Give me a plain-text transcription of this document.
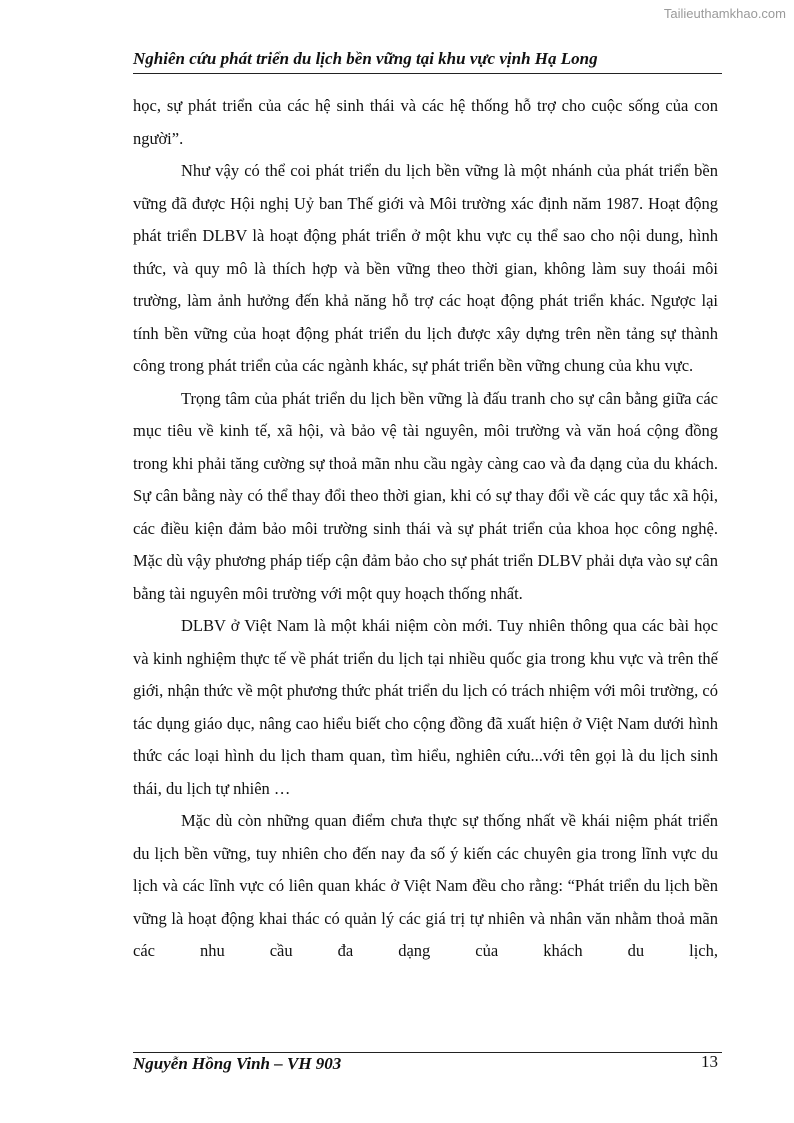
Tailieuthamkhao.com
Nghiên cứu phát triển du lịch bền vững tại khu vực vịnh Hạ Long

học, sự phát triển của các hệ sinh thái và các hệ thống hỗ trợ cho cuộc sống của con người”.

Như vậy có thể coi phát triển du lịch bền vững là một nhánh của phát triển bền vững đã được Hội nghị Uỷ ban Thế giới và Môi trường xác định năm 1987. Hoạt động phát triển DLBV là hoạt động phát triển ở một khu vực cụ thể sao cho nội dung, hình thức, và quy mô là thích hợp và bền vững theo thời gian, không làm suy thoái môi trường, làm ảnh hưởng đến khả năng hỗ trợ các hoạt động phát triển khác. Ngược lại tính bền vững của hoạt động phát triển du lịch được xây dựng trên nền tảng sự thành công trong phát triển của các ngành khác, sự phát triển bền vững chung của khu vực.

Trọng tâm của phát triển du lịch bền vững là đấu tranh cho sự cân bằng giữa các mục tiêu về kinh tế, xã hội, và bảo vệ tài nguyên, môi trường và văn hoá cộng đồng trong khi phải tăng cường sự thoả mãn nhu cầu ngày càng cao và đa dạng của du khách. Sự cân bằng này có thể thay đổi theo thời gian, khi có sự thay đổi về các quy tắc xã hội, các điều kiện đảm bảo môi trường sinh thái và sự phát triển của khoa học công nghệ. Mặc dù vậy phương pháp tiếp cận đảm bảo cho sự phát triển DLBV phải dựa vào sự cân bằng tài nguyên môi trường với một quy hoạch thống nhất.

DLBV ở Việt Nam là một khái niệm còn mới. Tuy nhiên thông qua các bài học và kinh nghiệm thực tế về phát triển du lịch tại nhiều quốc gia trong khu vực và trên thế giới, nhận thức về một phương thức phát triển du lịch có trách nhiệm với môi trường, có tác dụng giáo dục, nâng cao hiểu biết cho cộng đồng đã xuất hiện ở Việt Nam dưới hình thức các loại hình du lịch tham quan, tìm hiểu, nghiên cứu...với tên gọi là du lịch sinh thái, du lịch tự nhiên …

Mặc dù còn những quan điểm chưa thực sự thống nhất về khái niệm phát triển du lịch bền vững, tuy nhiên cho đến nay đa số ý kiến các chuyên gia trong lĩnh vực du lịch và các lĩnh vực có liên quan khác ở Việt Nam đều cho rằng: “Phát triển du lịch bền vững là hoạt động khai thác có quản lý các giá trị tự nhiên và nhân văn nhằm thoả mãn các nhu cầu đa dạng của khách du lịch,

Nguyễn Hồng Vinh – VH 903	13
